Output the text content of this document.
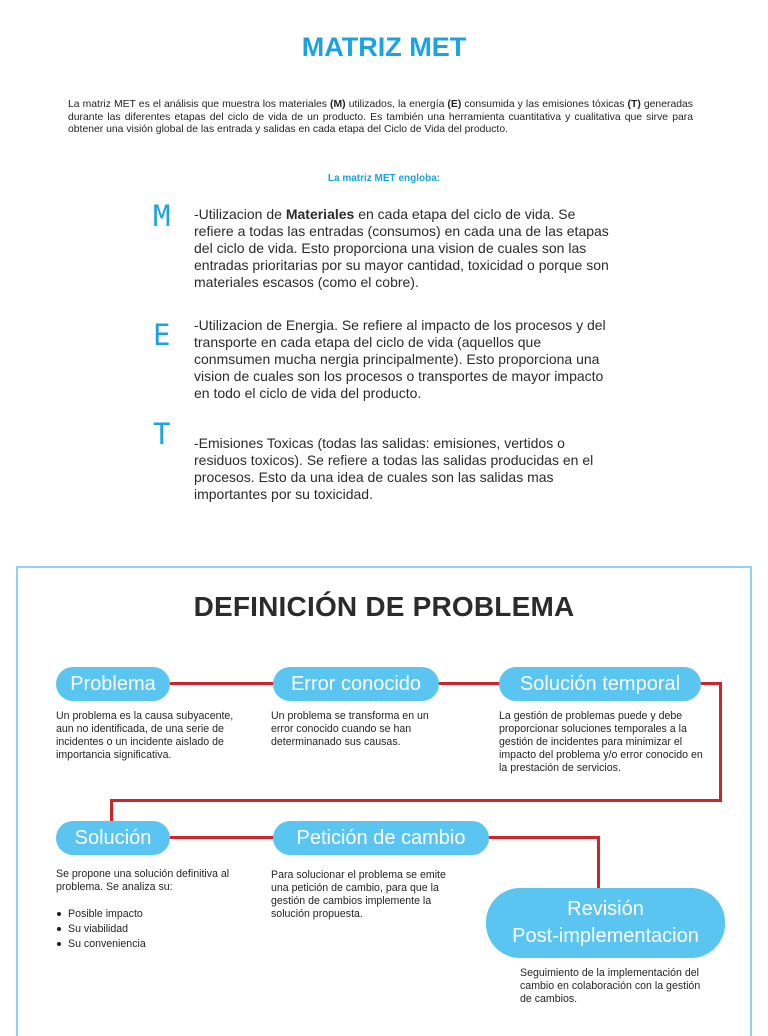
MATRIZ MET
La matriz MET es el análisis que muestra los materiales (M) utilizados, la energía (E) consumida y las emisiones tóxicas (T) generadas durante las diferentes etapas del ciclo de vida de un producto. Es también una herramienta cuantitativa y cualitativa que sirve para obtener una visión global de las entrada y salidas en cada etapa del Ciclo de Vida del producto.
La matriz MET engloba:
M -Utilizacion de Materiales en cada etapa del ciclo de vida. Se refiere a todas las entradas (consumos) en cada una de las etapas del ciclo de vida. Esto proporciona una vision de cuales son las entradas prioritarias por su mayor cantidad, toxicidad o porque son materiales escasos (como el cobre).
E -Utilizacion de Energia. Se refiere al impacto de los procesos y del transporte en cada etapa del ciclo de vida (aquellos que conmsumen mucha nergia principalmente). Esto proporciona una vision de cuales son los procesos o transportes de mayor impacto en todo el ciclo de vida del producto.
T -Emisiones Toxicas (todas las salidas: emisiones, vertidos o residuos toxicos). Se refiere a todas las salidas producidas en el procesos. Esto da una idea de cuales son las salidas mas importantes por su toxicidad.
DEFINICIÓN DE PROBLEMA
Problema	Error conocido	Solución temporal
Un problema es la causa subyacente, aun no identificada, de una serie de incidentes o un incidente aislado de importancia significativa.
Un problema se transforma en un error conocido cuando se han determinanado sus causas.
La gestión de problemas puede y debe proporcionar soluciones temporales a la gestión de incidentes para minimizar el impacto del problema y/o error conocido en la prestación de servicios.
Solución	Petición de cambio
Se propone una solución definitiva al problema. Se analiza su:
Posible impacto
Su viabilidad
Su conveniencia
Para solucionar el problema se emite una petición de cambio, para que la gestión de cambios implemente la solución propuesta.	Revisión
Post-implementacion
Seguimiento de la implementación del cambio en colaboración con la gestión de cambios.
